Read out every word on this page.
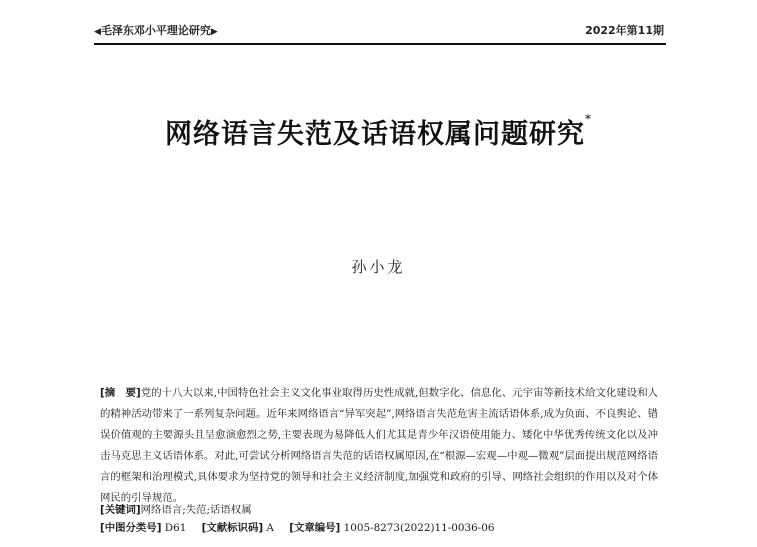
◀毛泽东邓小平理论研究▶	2022年第11期
网络语言失范及话语权属问题研究*
孙小龙
[摘　要]党的十八大以来,中国特色社会主义文化事业取得历史性成就,但数字化、信息化、元宇宙等新技术给文化建设和人的精神活动带来了一系列复杂问题。近年来网络语言“异军突起”,网络语言失范危害主流话语体系,成为负面、不良舆论、错误价值观的主要源头且呈愈演愈烈之势,主要表现为易降低人们尤其是青少年汉语使用能力、矮化中华优秀传统文化以及冲击马克思主义话语体系。对此,可尝试分析网络语言失范的话语权属原因,在“根源—宏观—中观—微观”层面提出规范网络语言的框架和治理模式,具体要求为坚持党的领导和社会主义经济制度,加强党和政府的引导、网络社会组织的作用以及对个体网民的引导规范。
[关键词]网络语言;失范;话语权属
[中图分类号] D61 [文献标识码] A [文章编号] 1005-8273(2022)11-0036-06
